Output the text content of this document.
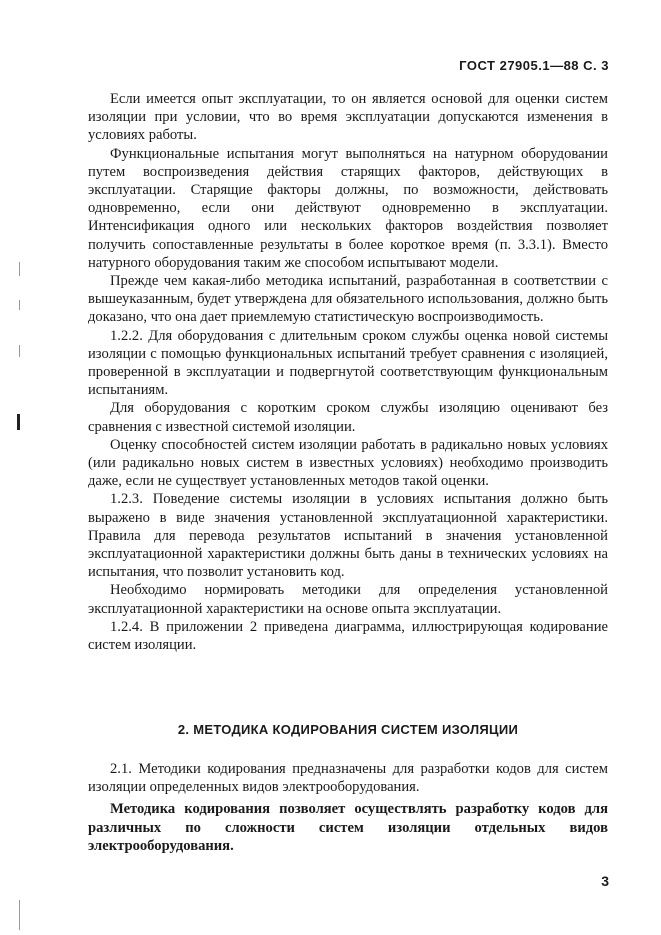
ГОСТ 27905.1—88 С. 3

Если имеется опыт эксплуатации, то он является основой для оценки систем изоляции при условии, что во время эксплуатации допускаются изменения в условиях работы.

Функциональные испытания могут выполняться на натурном оборудовании путем воспроизведения действия старящих факторов, действующих в эксплуатации. Старящие факторы должны, по возможности, действовать одновременно, если они действуют одновременно в эксплуатации. Интенсификация одного или нескольких факторов воздействия позволяет получить сопоставленные результаты в более короткое время (п. 3.3.1). Вместо натурного оборудования таким же способом испытывают модели.

Прежде чем какая-либо методика испытаний, разработанная в соответствии с вышеуказанным, будет утверждена для обязательного использования, должно быть доказано, что она дает приемлемую статистическую воспроизводимость.

1.2.2. Для оборудования с длительным сроком службы оценка новой системы изоляции с помощью функциональных испытаний требует сравнения с изоляцией, проверенной в эксплуатации и подвергнутой соответствующим функциональным испытаниям.

Для оборудования с коротким сроком службы изоляцию оценивают без сравнения с известной системой изоляции.

Оценку способностей систем изоляции работать в радикально новых условиях (или радикально новых систем в известных условиях) необходимо производить даже, если не существует установленных методов такой оценки.

1.2.3. Поведение системы изоляции в условиях испытания должно быть выражено в виде значения установленной эксплуатационной характеристики. Правила для перевода результатов испытаний в значения установленной эксплуатационной характеристики должны быть даны в технических условиях на испытания, что позволит установить код.

Необходимо нормировать методики для определения установленной эксплуатационной характеристики на основе опыта эксплуатации.

1.2.4. В приложении 2 приведена диаграмма, иллюстрирующая кодирование систем изоляции.

2. МЕТОДИКА КОДИРОВАНИЯ СИСТЕМ ИЗОЛЯЦИИ

2.1. Методики кодирования предназначены для разработки кодов для систем изоляции определенных видов электрооборудования.

Методика кодирования позволяет осуществлять разработку кодов для различных по сложности систем изоляции отдельных видов электрооборудования.

3
